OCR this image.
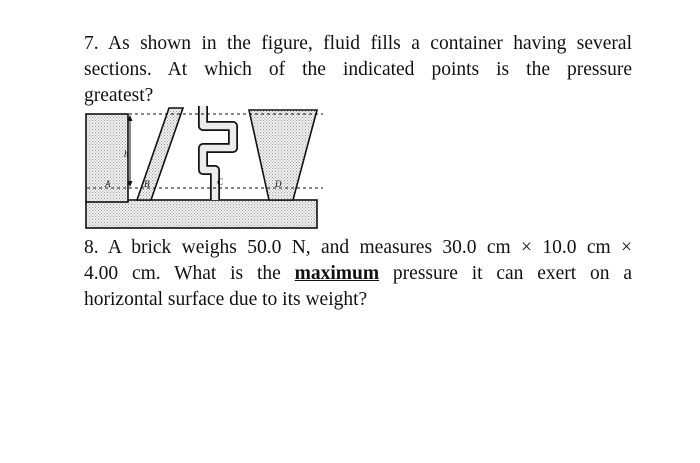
7. As shown in the figure, fluid fills a container having several
sections. At which of the indicated points is the pressure
greatest?
h
A	B	C	D
8. A brick weighs 50.0 N, and measures 30.0 cm × 10.0 cm ×
4.00 cm. What is the maximum pressure it can exert on a
horizontal surface due to its weight?
